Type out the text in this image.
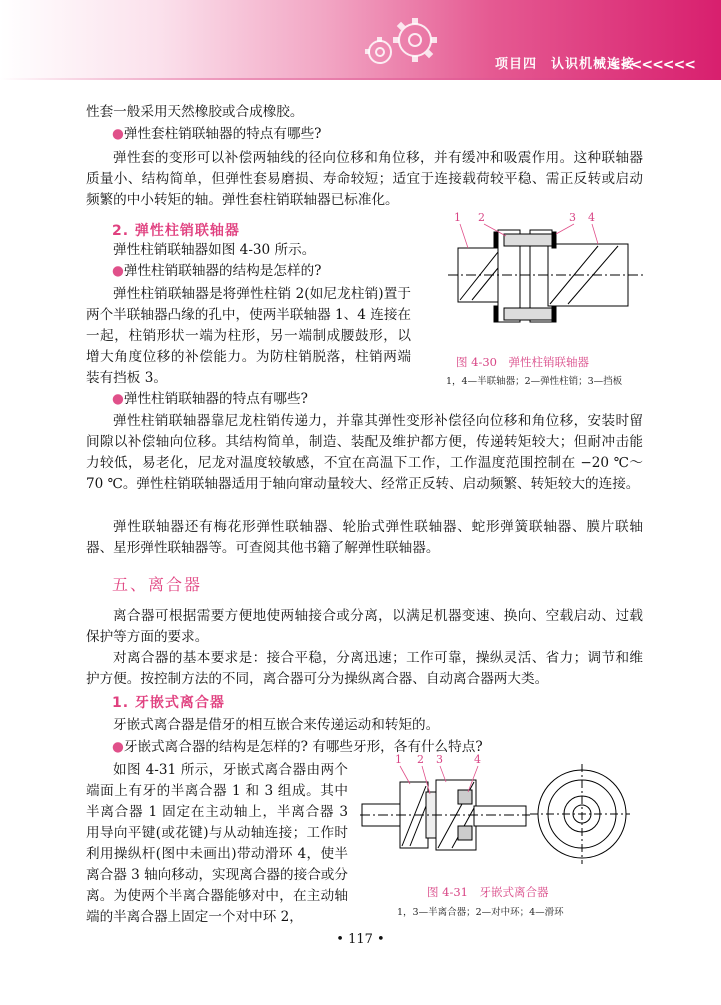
项目四　认识机械连接
<<<<<<<<

性套一般采用天然橡胶或合成橡胶。

●弹性套柱销联轴器的特点有哪些?

弹性套的变形可以补偿两轴线的径向位移和角位移，并有缓冲和吸震作用。这种联轴器质量小、结构简单，但弹性套易磨损、寿命较短；适宜于连接载荷较平稳、需正反转或启动频繁的中小转矩的轴。弹性套柱销联轴器已标准化。

2. 弹性柱销联轴器

弹性柱销联轴器如图 4-30 所示。

●弹性柱销联轴器的结构是怎样的?

弹性柱销联轴器是将弹性柱销 2(如尼龙柱销)置于两个半联轴器凸缘的孔中，使两半联轴器 1、4 连接在一起，柱销形状一端为柱形，另一端制成腰鼓形，以增大角度位移的补偿能力。为防柱销脱落，柱销两端装有挡板 3。

1 2	3 4
图 4-30　弹性柱销联轴器
1，4—半联轴器；2—弹性柱销；3—挡板
●弹性柱销联轴器的特点有哪些?

弹性柱销联轴器靠尼龙柱销传递力，并靠其弹性变形补偿径向位移和角位移，安装时留间隙以补偿轴向位移。其结构简单，制造、装配及维护都方便，传递转矩较大；但耐冲击能力较低，易老化，尼龙对温度较敏感，不宜在高温下工作，工作温度范围控制在 −20 ℃～70 ℃。弹性柱销联轴器适用于轴向窜动量较大、经常正反转、启动频繁、转矩较大的连接。

弹性联轴器还有梅花形弹性联轴器、轮胎式弹性联轴器、蛇形弹簧联轴器、膜片联轴器、星形弹性联轴器等。可查阅其他书籍了解弹性联轴器。

五、离合器

离合器可根据需要方便地使两轴接合或分离，以满足机器变速、换向、空载启动、过载保护等方面的要求。

对离合器的基本要求是：接合平稳，分离迅速；工作可靠，操纵灵活、省力；调节和维护方便。按控制方法的不同，离合器可分为操纵离合器、自动离合器两大类。

1. 牙嵌式离合器

牙嵌式离合器是借牙的相互嵌合来传递运动和转矩的。

●牙嵌式离合器的结构是怎样的? 有哪些牙形，各有什么特点?

如图 4-31 所示，牙嵌式离合器由两个端面上有牙的半离合器 1 和 3 组成。其中半离合器 1 固定在主动轴上，半离合器 3 用导向平键(或花键)与从动轴连接；工作时利用操纵杆(图中未画出)带动滑环 4，使半离合器 3 轴向移动，实现离合器的接合或分离。为使两个半离合器能够对中，在主动轴端的半离合器上固定一个对中环 2，

1 2 3	4
图 4-31　牙嵌式离合器
1，3—半离合器；2—对中环；4—滑环
• 117 •
